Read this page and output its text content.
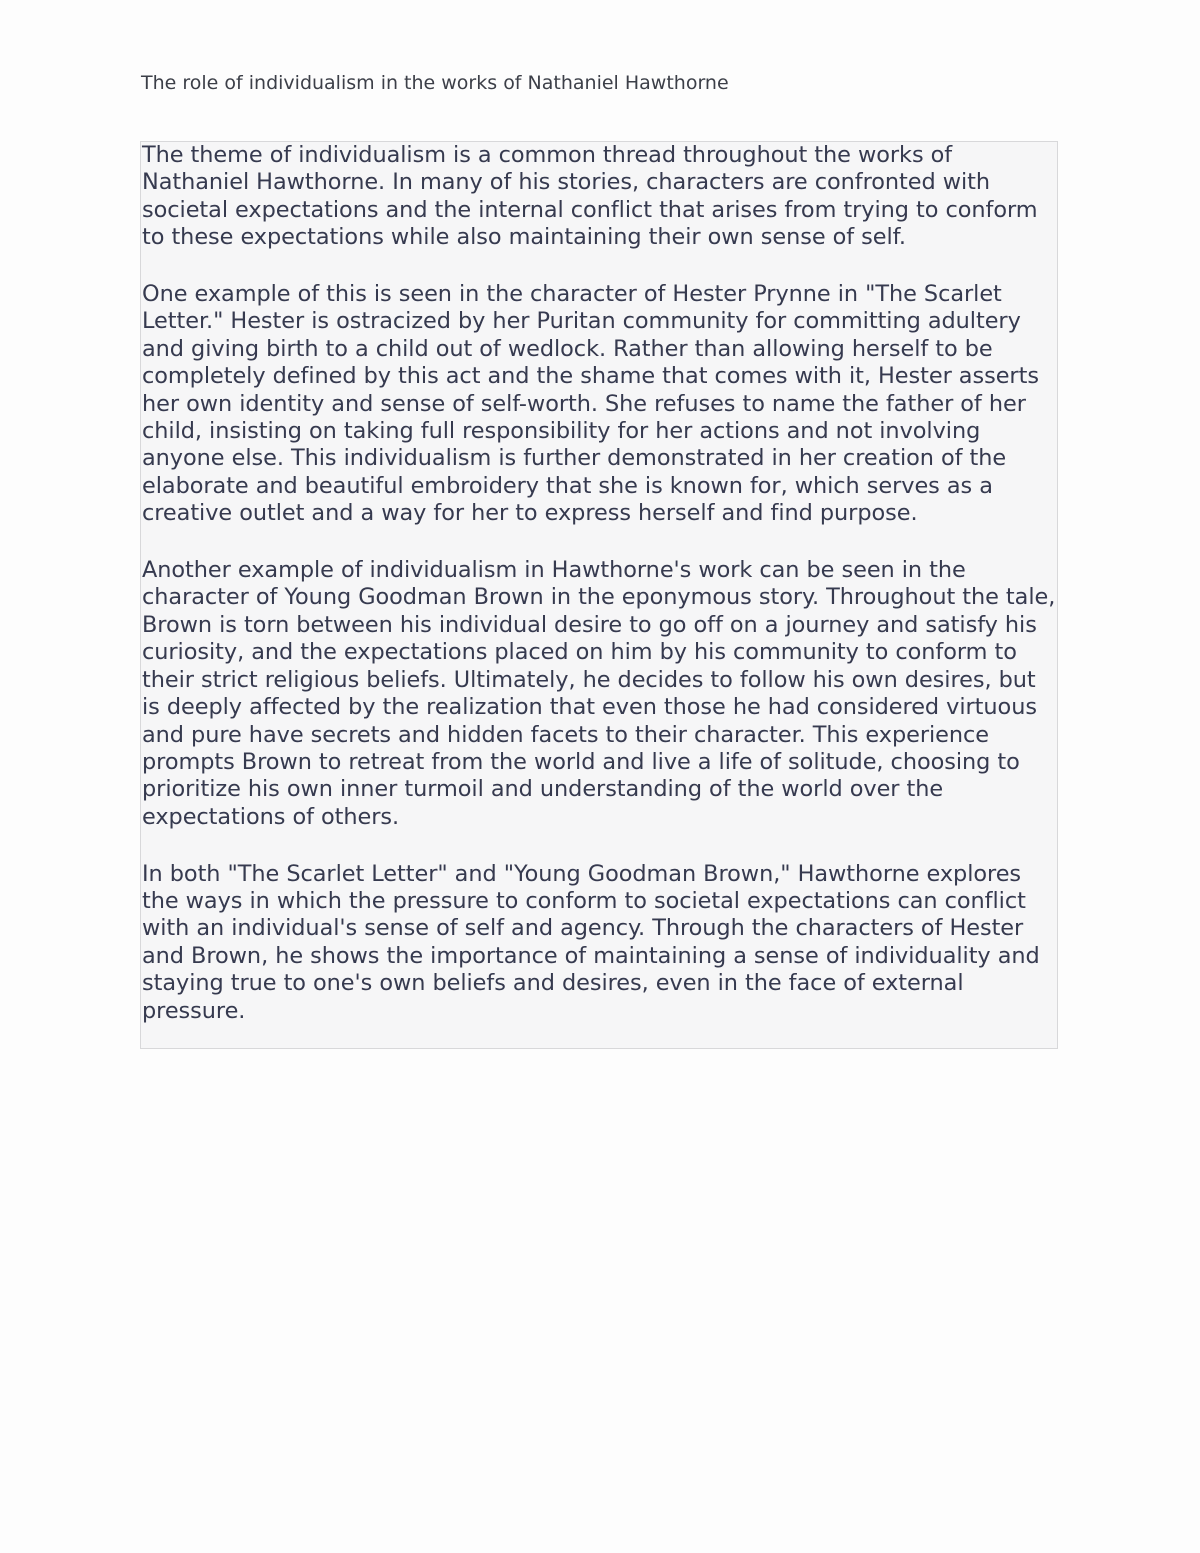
The role of individualism in the works of Nathaniel Hawthorne

The theme of individualism is a common thread throughout the works of Nathaniel Hawthorne. In many of his stories, characters are confronted with societal expectations and the internal conflict that arises from trying to conform to these expectations while also maintaining their own sense of self.

One example of this is seen in the character of Hester Prynne in "The Scarlet Letter." Hester is ostracized by her Puritan community for committing adultery and giving birth to a child out of wedlock. Rather than allowing herself to be completely defined by this act and the shame that comes with it, Hester asserts her own identity and sense of self-worth. She refuses to name the father of her child, insisting on taking full responsibility for her actions and not involving anyone else. This individualism is further demonstrated in her creation of the elaborate and beautiful embroidery that she is known for, which serves as a creative outlet and a way for her to express herself and find purpose.

Another example of individualism in Hawthorne's work can be seen in the character of Young Goodman Brown in the eponymous story. Throughout the tale, Brown is torn between his individual desire to go off on a journey and satisfy his curiosity, and the expectations placed on him by his community to conform to their strict religious beliefs. Ultimately, he decides to follow his own desires, but is deeply affected by the realization that even those he had considered virtuous and pure have secrets and hidden facets to their character. This experience prompts Brown to retreat from the world and live a life of solitude, choosing to prioritize his own inner turmoil and understanding of the world over the expectations of others.

In both "The Scarlet Letter" and "Young Goodman Brown," Hawthorne explores the ways in which the pressure to conform to societal expectations can conflict with an individual's sense of self and agency. Through the characters of Hester and Brown, he shows the importance of maintaining a sense of individuality and staying true to one's own beliefs and desires, even in the face of external pressure.
